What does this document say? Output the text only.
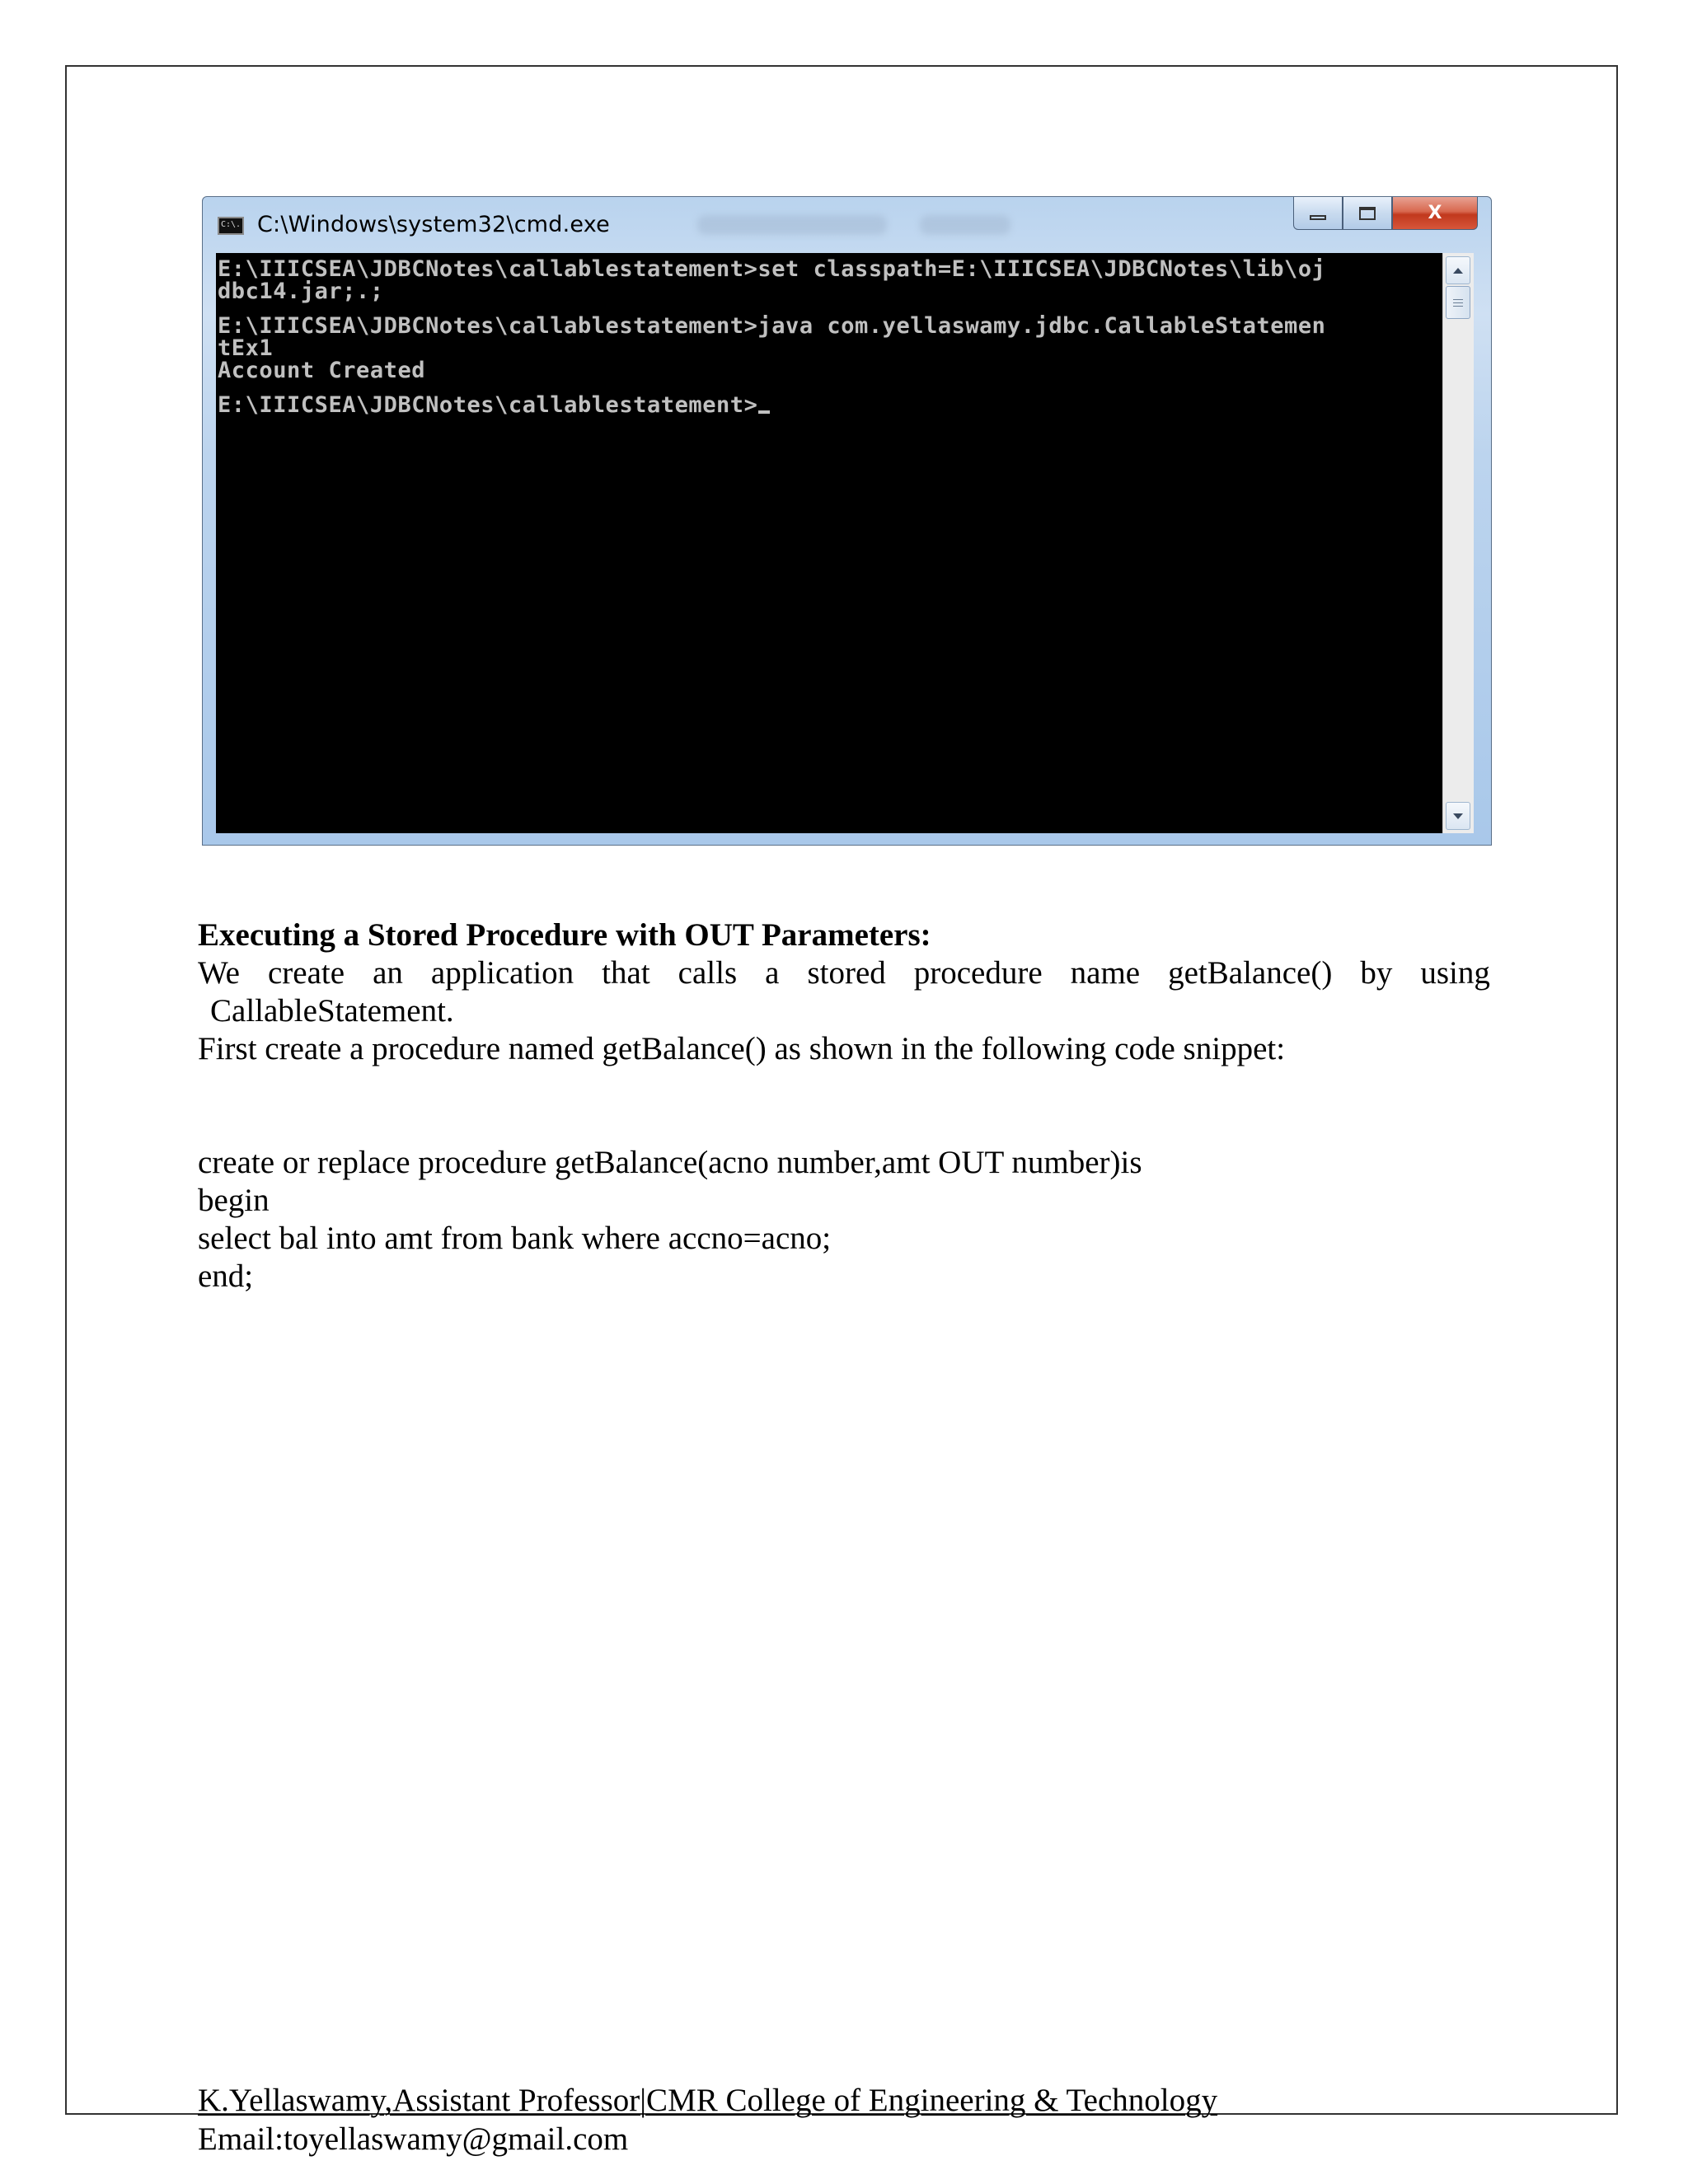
C:\.
C:\Windows\system32\cmd.exe	X
E:\IIICSEA\JDBCNotes\callablestatement>set classpath=E:\IIICSEA\JDBCNotes\lib\oj
dbc14.jar;.;
E:\IIICSEA\JDBCNotes\callablestatement>java com.yellaswamy.jdbc.CallableStatemen
tEx1
Account Created
E:\IIICSEA\JDBCNotes\callablestatement>
Executing a Stored Procedure with OUT Parameters:
We create an application that calls a stored procedure name getBalance() by using
CallableStatement.
First create a procedure named getBalance() as shown in the following code snippet:
create or replace procedure getBalance(acno number,amt OUT number)is
begin
select bal into amt from bank where accno=acno;
end;
K.Yellaswamy,Assistant Professor|CMR College of Engineering & Technology
Email:toyellaswamy@gmail.com
